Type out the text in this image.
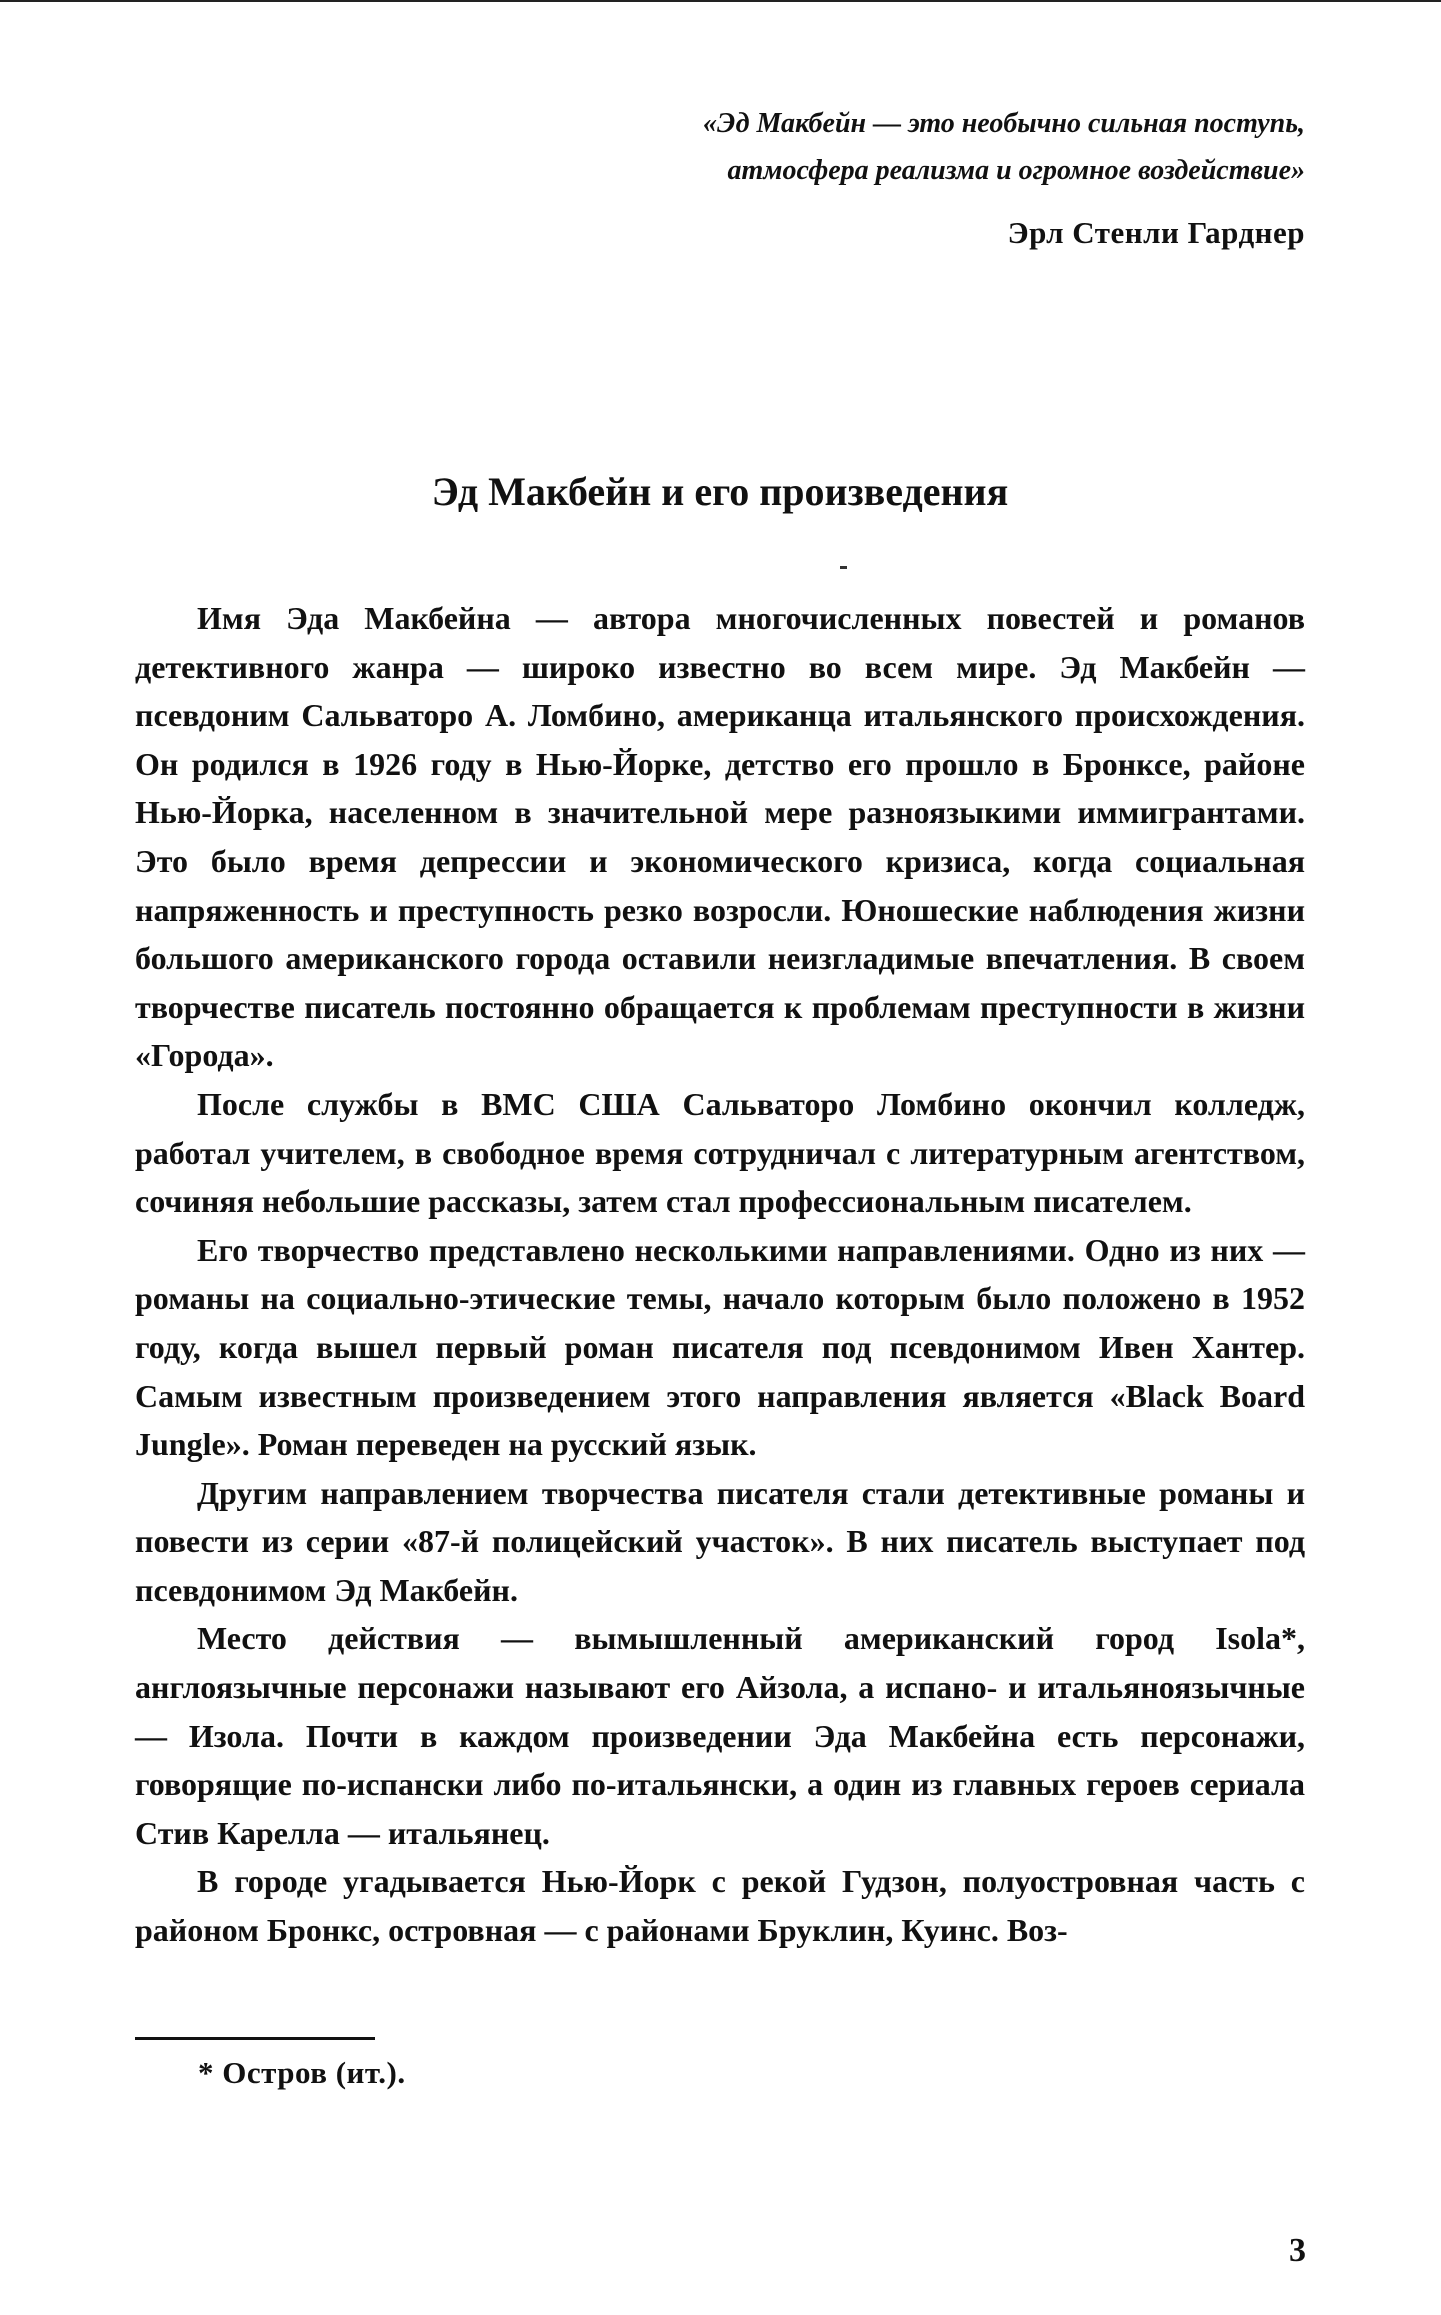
«Эд Макбейн — это необычно сильная поступь,
атмосфера реализма и огромное воздействие»
Эрл Стенли Гарднер
Эд Макбейн и его произведения

Имя Эда Макбейна — автора многочисленных повестей и романов детективного жанра — широко известно во всем мире. Эд Макбейн — псевдоним Сальваторо А. Ломбино, американца итальянского происхождения. Он родился в 1926 году в Нью-Йорке, детство его прошло в Бронксе, районе Нью-Йорка, населенном в значительной мере разноязыкими иммигрантами. Это было время депрессии и экономического кризиса, когда социальная напряженность и преступность резко возросли. Юношеские наблюдения жизни большого американского города оставили неизгладимые впечатления. В своем творчестве писатель постоянно обращается к проблемам преступности в жизни «Города».

После службы в ВМС США Сальваторо Ломбино окончил колледж, работал учителем, в свободное время сотрудничал с литературным агентством, сочиняя небольшие рассказы, затем стал профессиональным писателем.

Его творчество представлено несколькими направлениями. Одно из них — романы на социально-этические темы, начало которым было положено в 1952 году, когда вышел первый роман писателя под псевдонимом Ивен Хантер. Самым известным произведением этого направления является «Black Board Jungle». Роман переведен на русский язык.

Другим направлением творчества писателя стали детективные романы и повести из серии «87-й полицейский участок». В них писатель выступает под псевдонимом Эд Макбейн.

Место действия — вымышленный американский город Isola*, англоязычные персонажи называют его Айзола, а испано- и итальяноязычные — Изола. Почти в каждом произведении Эда Макбейна есть персонажи, говорящие по-испански либо по-итальянски, а один из главных героев сериала Стив Карелла — итальянец.

В городе угадывается Нью-Йорк с рекой Гудзон, полуостровная часть с районом Бронкс, островная — с районами Бруклин, Куинс. Воз-

* Остров (ит.).
3
